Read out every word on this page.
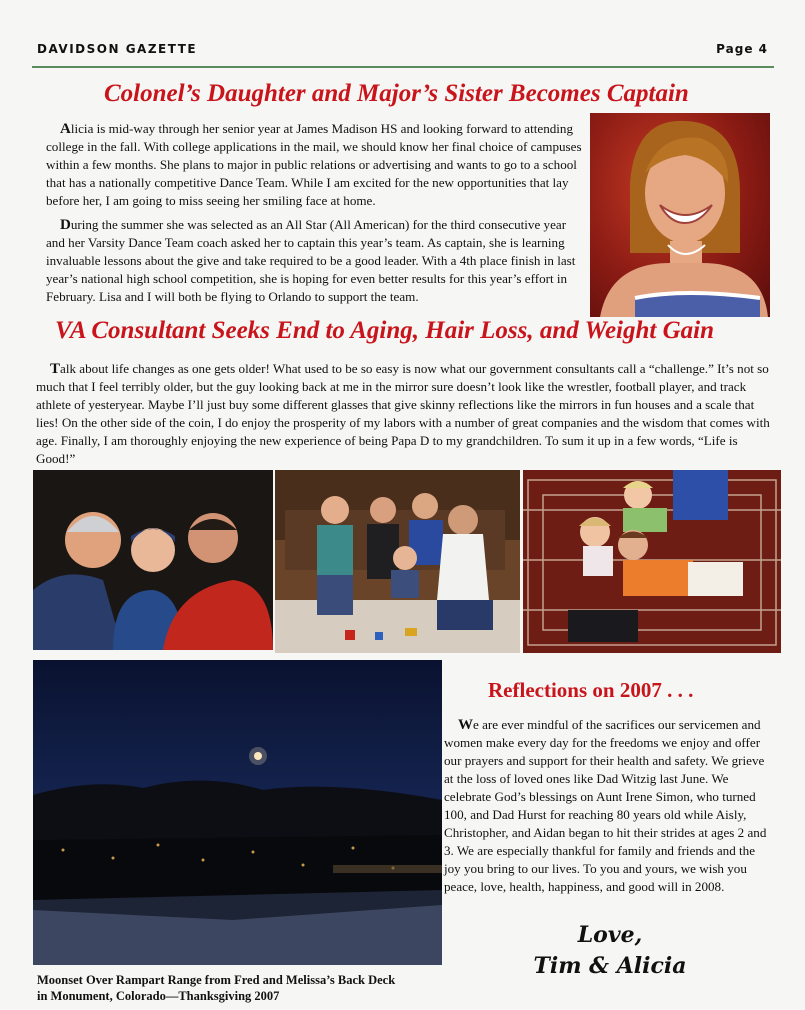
DAVIDSON GAZETTE	Page 4
Colonel’s Daughter and Major’s Sister Becomes Captain

Alicia is mid-way through her senior year at James Madison HS and looking forward to attending college in the fall. With college applications in the mail, we should know her final choice of campuses within a few months. She plans to major in public relations or advertising and wants to go to a school that has a nationally competitive Dance Team. While I am excited for the new opportunities that lay before her, I am going to miss seeing her smiling face at home.

During the summer she was selected as an All Star (All American) for the third consecutive year and her Varsity Dance Team coach asked her to captain this year’s team. As captain, she is learning invaluable lessons about the give and take required to be a good leader. With a 4th place finish in last year’s national high school competition, she is hoping for even better results for this year’s effort in February. Lisa and I will both be flying to Orlando to support the team.

VA Consultant Seeks End to Aging, Hair Loss, and Weight Gain

Talk about life changes as one gets older! What used to be so easy is now what our government consultants call a “challenge.” It’s not so much that I feel terribly older, but the guy looking back at me in the mirror sure doesn’t look like the wrestler, football player, and track athlete of yesteryear. Maybe I’ll just buy some different glasses that give skinny reflections like the mirrors in fun houses and a scale that lies! On the other side of the coin, I do enjoy the prosperity of my labors with a number of great companies and the wisdom that comes with age. Finally, I am thoroughly enjoying the new experience of being Papa D to my grandchildren. To sum it up in a few words, “Life is Good!”

Moonset Over Rampart Range from Fred and Melissa’s Back Deck
in Monument, Colorado—Thanksgiving 2007
Reflections on 2007 . . .

We are ever mindful of the sacrifices our servicemen and women make every day for the freedoms we enjoy and offer our prayers and support for their health and safety. We grieve at the loss of loved ones like Dad Witzig last June. We celebrate God’s blessings on Aunt Irene Simon, who turned 100, and Dad Hurst for reaching 80 years old while Aisly, Christopher, and Aidan began to hit their strides at ages 2 and 3. We are especially thankful for family and friends and the joy you bring to our lives. To you and yours, we wish you peace, love, health, happiness, and good will in 2008.

Love,
Tim & Alicia
